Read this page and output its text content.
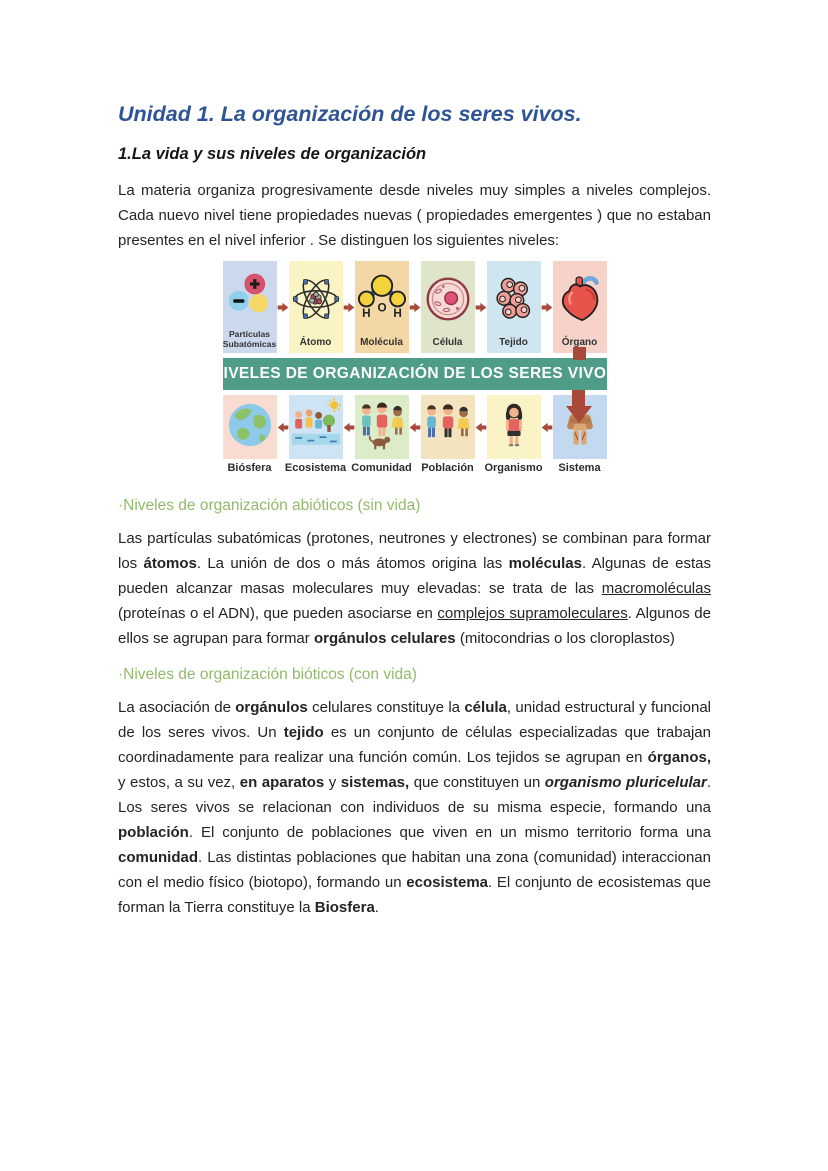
Unidad 1. La organización de los seres vivos.
1.La vida y sus niveles de organización

La materia organiza progresivamente desde niveles muy simples a niveles complejos. Cada nuevo nivel tiene propiedades nuevas ( propiedades emergentes ) que no estaban presentes en el nivel inferior . Se distinguen los siguientes niveles:

Partículas Subatómicas Átomo
H O H
Molécula	Célula	Tejido	Órgano
NIVELES DE ORGANIZACIÓN DE LOS SERES VIVOS
Biósfera Ecosistema Comunidad Población Organismo Sistema
·Niveles de organización abióticos (sin vida)

Las partículas subatómicas (protones, neutrones y electrones) se combinan para formar los átomos. La unión de dos o más átomos origina las moléculas. Algunas de estas pueden alcanzar masas moleculares muy elevadas: se trata de las macromoléculas (proteínas o el ADN), que pueden asociarse en complejos supramoleculares. Algunos de ellos se agrupan para formar orgánulos celulares (mitocondrias o los cloroplastos)

·Niveles de organización bióticos (con vida)

La asociación de orgánulos celulares constituye la célula, unidad estructural y funcional de los seres vivos. Un tejido es un conjunto de células especializadas que trabajan coordinadamente para realizar una función común. Los tejidos se agrupan en órganos, y estos, a su vez, en aparatos y sistemas, que constituyen un organismo pluricelular. Los seres vivos se relacionan con individuos de su misma especie, formando una población. El conjunto de poblaciones que viven en un mismo territorio forma una comunidad. Las distintas poblaciones que habitan una zona (comunidad) interaccionan con el medio físico (biotopo), formando un ecosistema. El conjunto de ecosistemas que forman la Tierra constituye la Biosfera.
